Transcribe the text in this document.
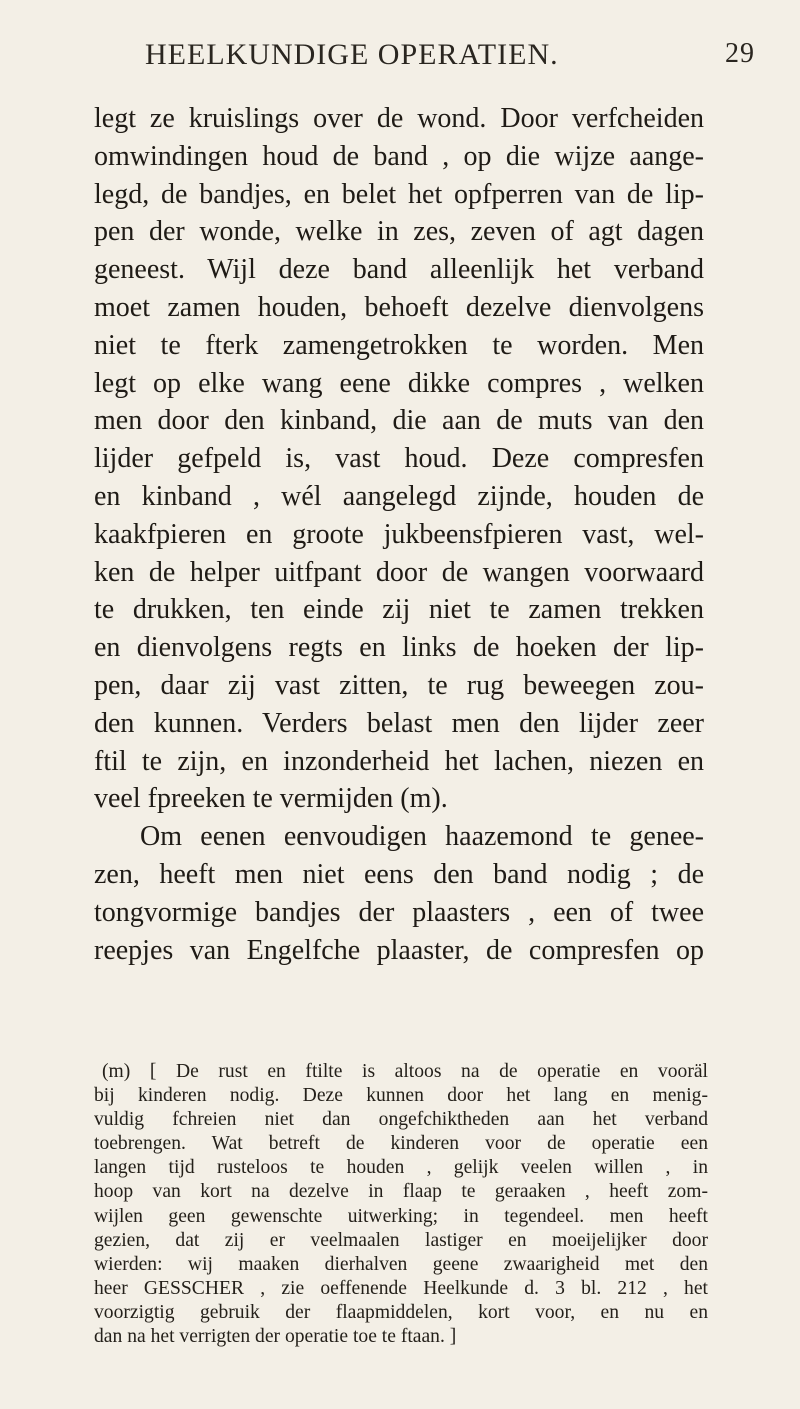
HEELKUNDIGE OPERATIEN.	29
legt ze kruislings over de wond. Door verfcheiden
omwindingen houd de band , op die wijze aange-
legd, de bandjes, en belet het opfperren van de lip-
pen der wonde, welke in zes, zeven of agt dagen
geneest. Wijl deze band alleenlijk het verband
moet zamen houden, behoeft dezelve dienvolgens
niet te fterk zamengetrokken te worden. Men
legt op elke wang eene dikke compres , welken
men door den kinband, die aan de muts van den
lijder gefpeld is, vast houd. Deze compresfen
en kinband , wél aangelegd zijnde, houden de
kaakfpieren en groote jukbeensfpieren vast, wel-
ken de helper uitfpant door de wangen voorwaard
te drukken, ten einde zij niet te zamen trekken
en dienvolgens regts en links de hoeken der lip-
pen, daar zij vast zitten, te rug beweegen zou-
den kunnen. Verders belast men den lijder zeer
ftil te zijn, en inzonderheid het lachen, niezen en
veel fpreeken te vermijden (m).
Om eenen eenvoudigen haazemond te genee-
zen, heeft men niet eens den band nodig ; de
tongvormige bandjes der plaasters , een of twee
reepjes van Engelfche plaaster, de compresfen op
(m) [ De rust en ftilte is altoos na de operatie en vooräl
bij kinderen nodig. Deze kunnen door het lang en menig-
vuldig fchreien niet dan ongefchiktheden aan het verband
toebrengen. Wat betreft de kinderen voor de operatie een
langen tijd rusteloos te houden , gelijk veelen willen , in
hoop van kort na dezelve in flaap te geraaken , heeft zom-
wijlen geen gewenschte uitwerking; in tegendeel. men heeft
gezien, dat zij er veelmaalen lastiger en moeijelijker door
wierden: wij maaken dierhalven geene zwaarigheid met den
heer GESSCHER , zie oeffenende Heelkunde d. 3 bl. 212 , het
voorzigtig gebruik der flaapmiddelen, kort voor, en nu en
dan na het verrigten der operatie toe te ftaan. ]
